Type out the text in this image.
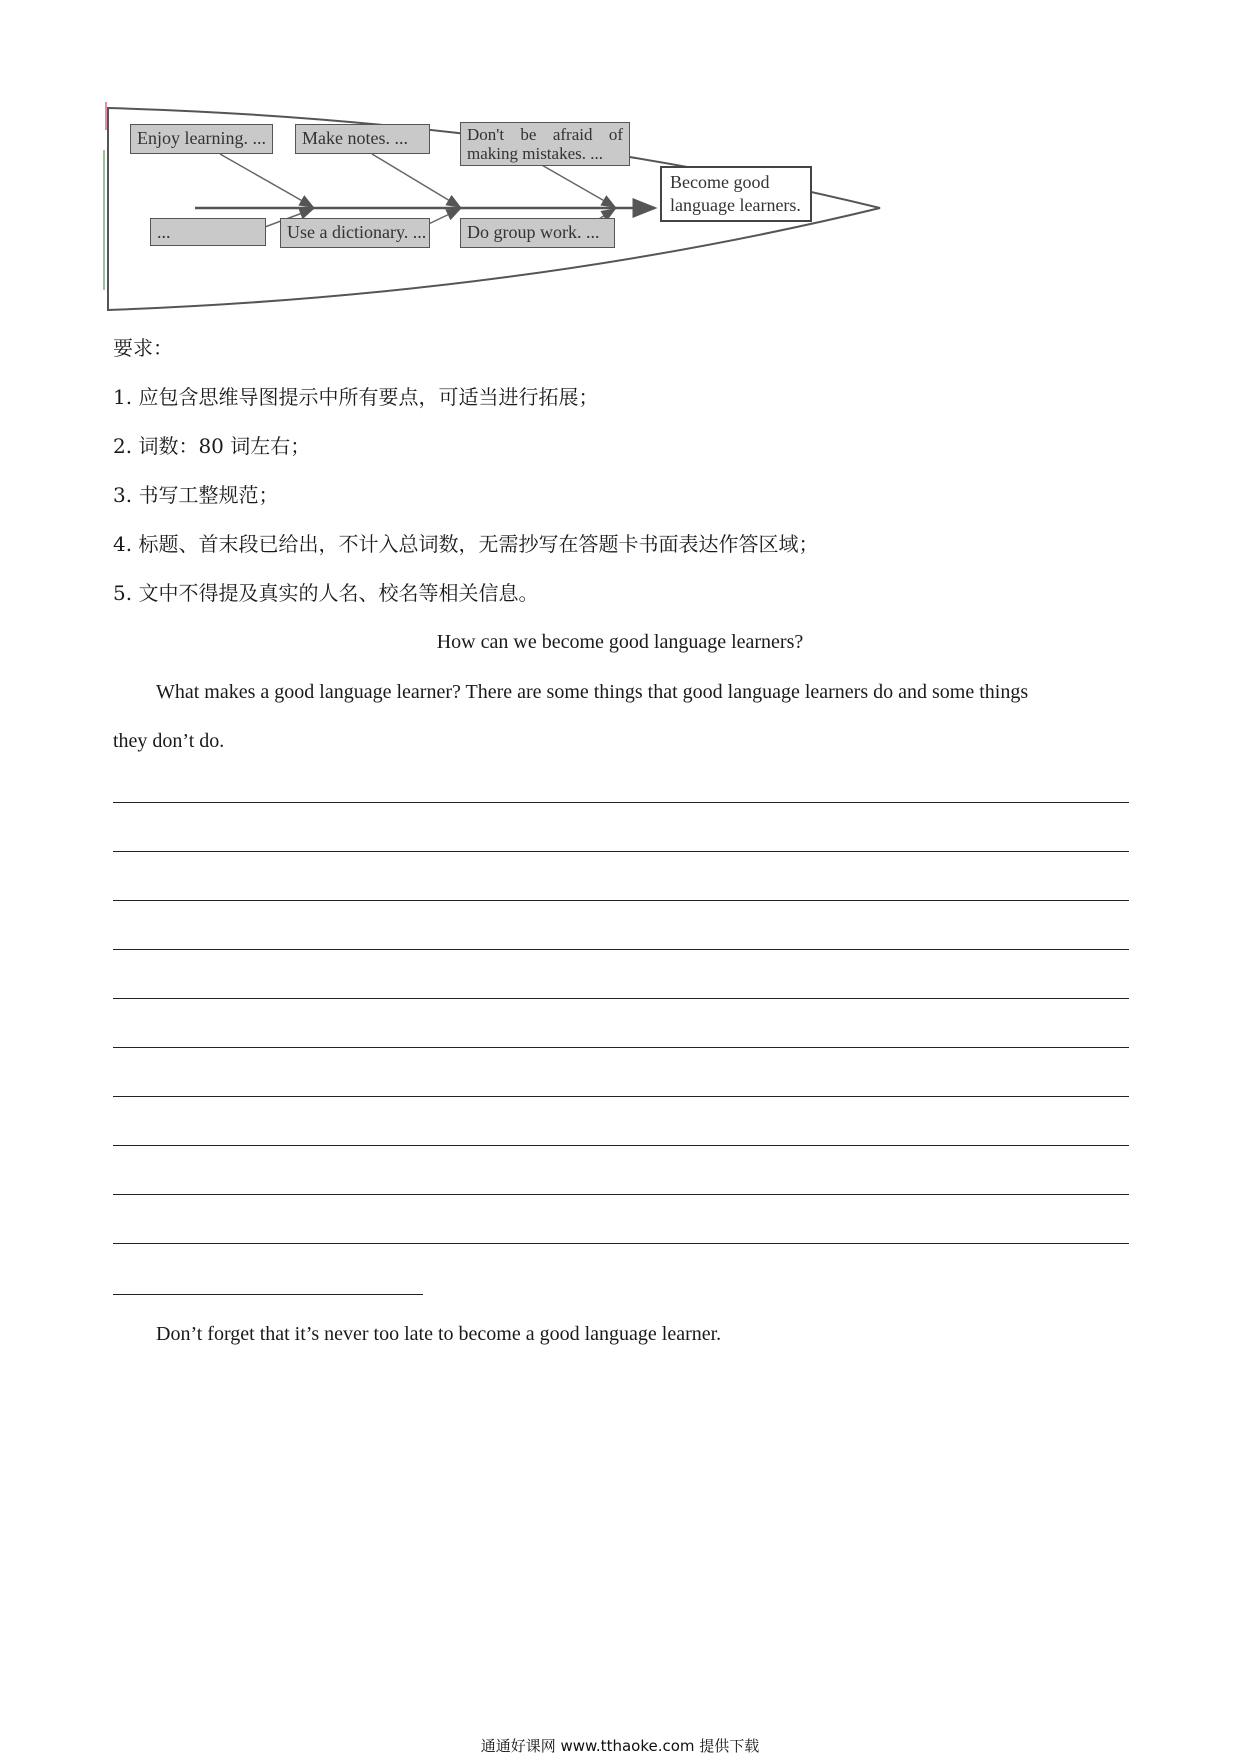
Enjoy learning. ...	Make notes. ...	Don't be afraid of making mistakes. ...
...	Use a dictionary. ...	Do group work. ...
Become good language learners.
要求：
1. 应包含思维导图提示中所有要点，可适当进行拓展；
2. 词数：80 词左右；
3. 书写工整规范；
4. 标题、首末段已给出，不计入总词数，无需抄写在答题卡书面表达作答区域；
5. 文中不得提及真实的人名、校名等相关信息。
How can we become good language learners?
What makes a good language learner? There are some things that good language learners do and some things
they don’t do.
Don’t forget that it’s never too late to become a good language learner.
通通好课网 www.tthaoke.com 提供下载
